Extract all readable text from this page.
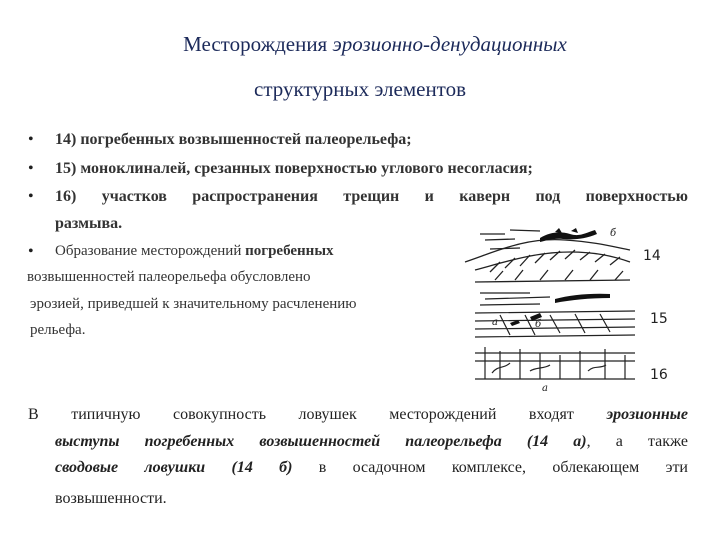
Месторождения эрозионно-денудационных
структурных элементов
• 14) погребенных возвышенностей палеорельефа;
• 15) моноклиналей, срезанных поверхностью углового несогласия;
• 16) участков распространения трещин и каверн под поверхностью
размыва.
• Образование месторождений погребенных
возвышенностей палеорельефа обусловлено
эрозией, приведшей к значительному расчленению
рельефа.
б
14
а	б	15
а
16
В типичную совокупность ловушек месторождений входят эрозионные
выступы погребенных возвышенностей палеорельефа (14 а), а также
сводовые ловушки (14 б) в осадочном комплексе, облекающем эти
возвышенности.
